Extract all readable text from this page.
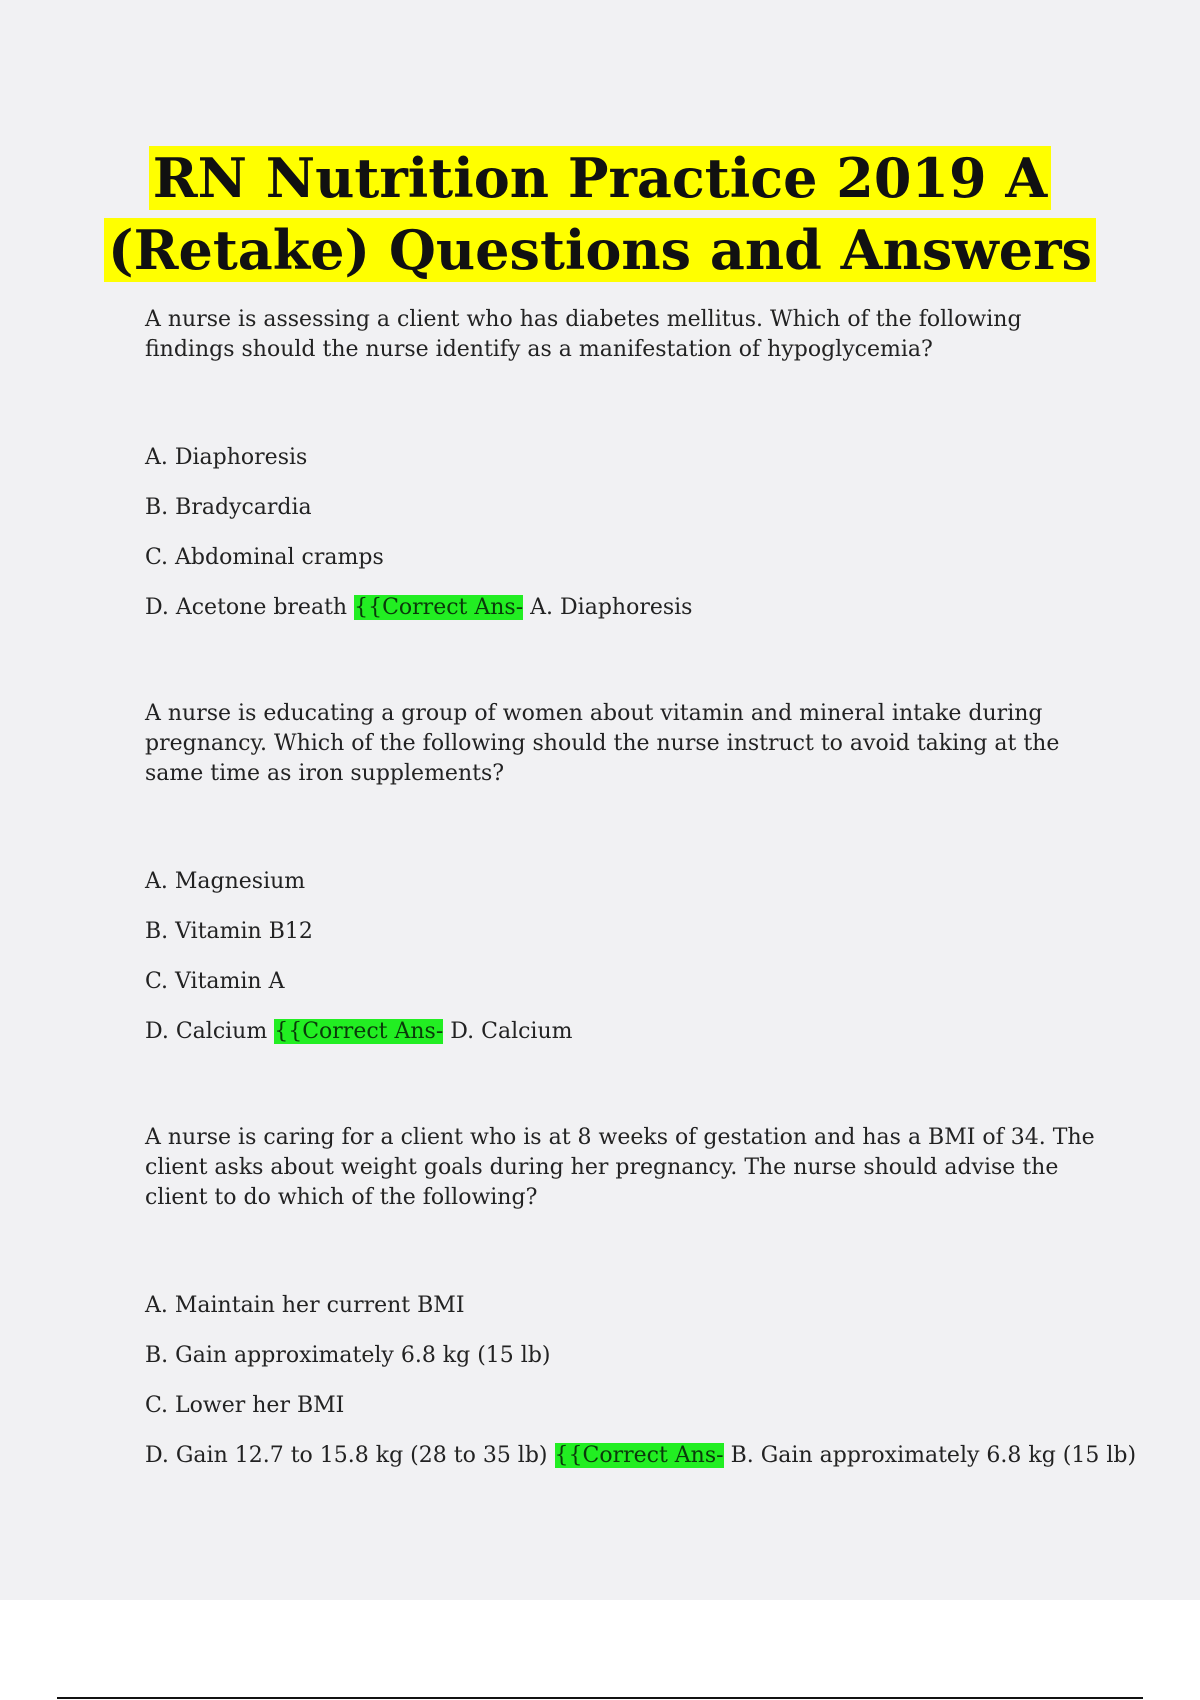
RN Nutrition Practice 2019 A
(Retake) Questions and Answers

A nurse is assessing a client who has diabetes mellitus. Which of the following findings should the nurse identify as a manifestation of hypoglycemia?

A. Diaphoresis

B. Bradycardia

C. Abdominal cramps

D. Acetone breath {{Correct Ans- A. Diaphoresis

A nurse is educating a group of women about vitamin and mineral intake during pregnancy. Which of the following should the nurse instruct to avoid taking at the same time as iron supplements?

A. Magnesium

B. Vitamin B12

C. Vitamin A

D. Calcium {{Correct Ans- D. Calcium

A nurse is caring for a client who is at 8 weeks of gestation and has a BMI of 34. The client asks about weight goals during her pregnancy. The nurse should advise the client to do which of the following?

A. Maintain her current BMI

B. Gain approximately 6.8 kg (15 lb)

C. Lower her BMI

D. Gain 12.7 to 15.8 kg (28 to 35 lb) {{Correct Ans- B. Gain approximately 6.8 kg (15 lb)
